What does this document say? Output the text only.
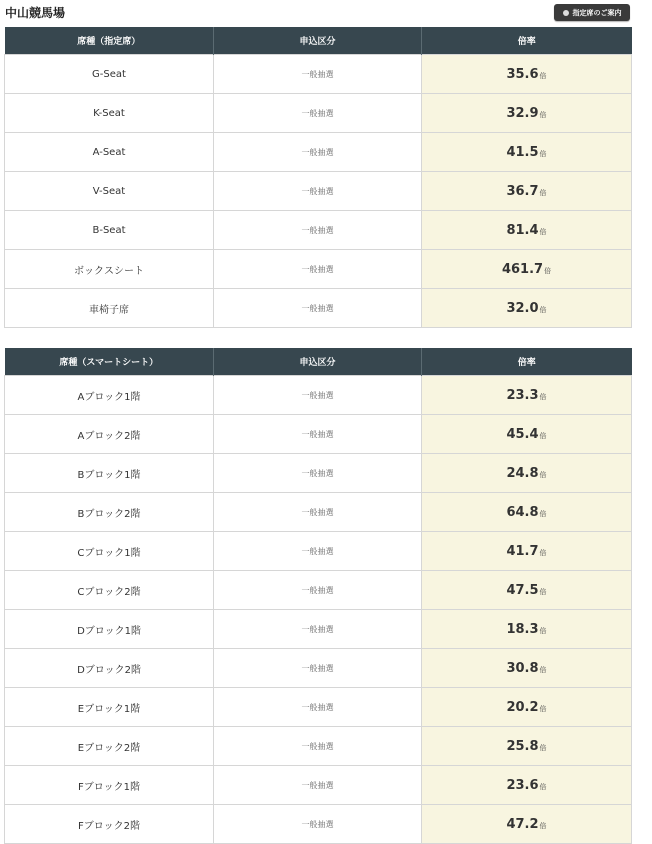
中山競馬場	指定席のご案内
席種（指定席）	申込区分	倍率
G-Seat	一般抽選	35.6倍
K-Seat	一般抽選	32.9倍
A-Seat	一般抽選	41.5倍
V-Seat	一般抽選	36.7倍
B-Seat	一般抽選	81.4倍
ボックスシート	一般抽選	461.7倍
車椅子席	一般抽選	32.0倍
席種（スマートシート）	申込区分	倍率
Aブロック1階	一般抽選	23.3倍
Aブロック2階	一般抽選	45.4倍
Bブロック1階	一般抽選	24.8倍
Bブロック2階	一般抽選	64.8倍
Cブロック1階	一般抽選	41.7倍
Cブロック2階	一般抽選	47.5倍
Dブロック1階	一般抽選	18.3倍
Dブロック2階	一般抽選	30.8倍
Eブロック1階	一般抽選	20.2倍
Eブロック2階	一般抽選	25.8倍
Fブロック1階	一般抽選	23.6倍
Fブロック2階	一般抽選	47.2倍
